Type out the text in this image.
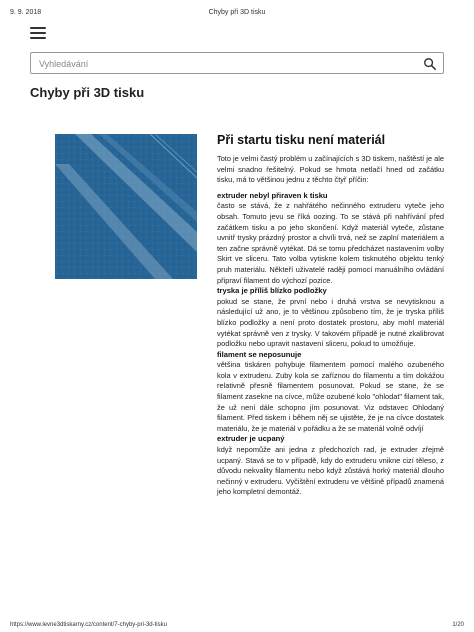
9. 9. 2018	Chyby při 3D tisku
Vyhledávání
Chyby při 3D tisku
Při startu tisku není materiál

Toto je velmi častý problém u začínajících s 3D tiskem, naštěstí je ale velmi snadno řešitelný. Pokud se hmota netlačí hned od začátku tisku, má to většinou jednu z těchto čtyř příčin:

extruder nebyl přiraven k tisku

často se stává, že z nahřátého nečinného extruderu vyteče jeho obsah. Tomuto jevu se říká oozing. To se stává při nahřívání před začátkem tisku a po jeho skončení. Když materiál vyteče, zůstane uvnitř trysky prázdný prostor a chvíli trvá, než se zaplní materiálem a ten začne správně vytékat. Dá se tomu předcházet nastavením volby Skirt ve sliceru. Tato volba vytiskne kolem tisknutého objektu tenký pruh materiálu. Někteří uživatelé raději pomocí manuálního ovládání připraví filament do výchozí pozice.

tryska je příliš blízko podložky

pokud se stane, že první nebo i druhá vrstva se nevytisknou a následující už ano, je to většinou způsobeno tím, že je tryska příliš blízko podložky a není proto dostatek prostoru, aby mohl materiál vytékat správně ven z trysky. V takovém případě je nutné zkalibrovat podložku nebo upravit nastavení sliceru, pokud to umožňuje.

filament se neposunuje

většina tiskáren pohybuje filamentem pomocí malého ozubeného kola v extruderu. Zuby kola se zaříznou do filamentu a tím dokážou relativně přesně filamentem posunovat. Pokud se stane, že se filament zasekne na cívce, může ozubené kolo "ohlodat" filament tak, že už není dále schopno jím posunovat. Viz odstavec Ohlodaný filament. Před tiskem i během něj se ujistěte, že je na cívce dostatek materiálu, že je materiál v pořádku a že se materiál volně odvíjí

extruder je ucpaný

když nepomůže ani jedna z předchozích rad, je extruder zřejmě ucpaný. Stavá se to v případě, kdy do extruderu vnikne cizí těleso, z důvodu nekvality filamentu nebo když zůstává horký materiál dlouho nečinný v extruderu. Vyčištění extruderu ve většině případů znamená jeho kompletní demontáž.

https://www.levne3dtiskarny.cz/content/7-chyby-pri-3d-tisku	1/20
